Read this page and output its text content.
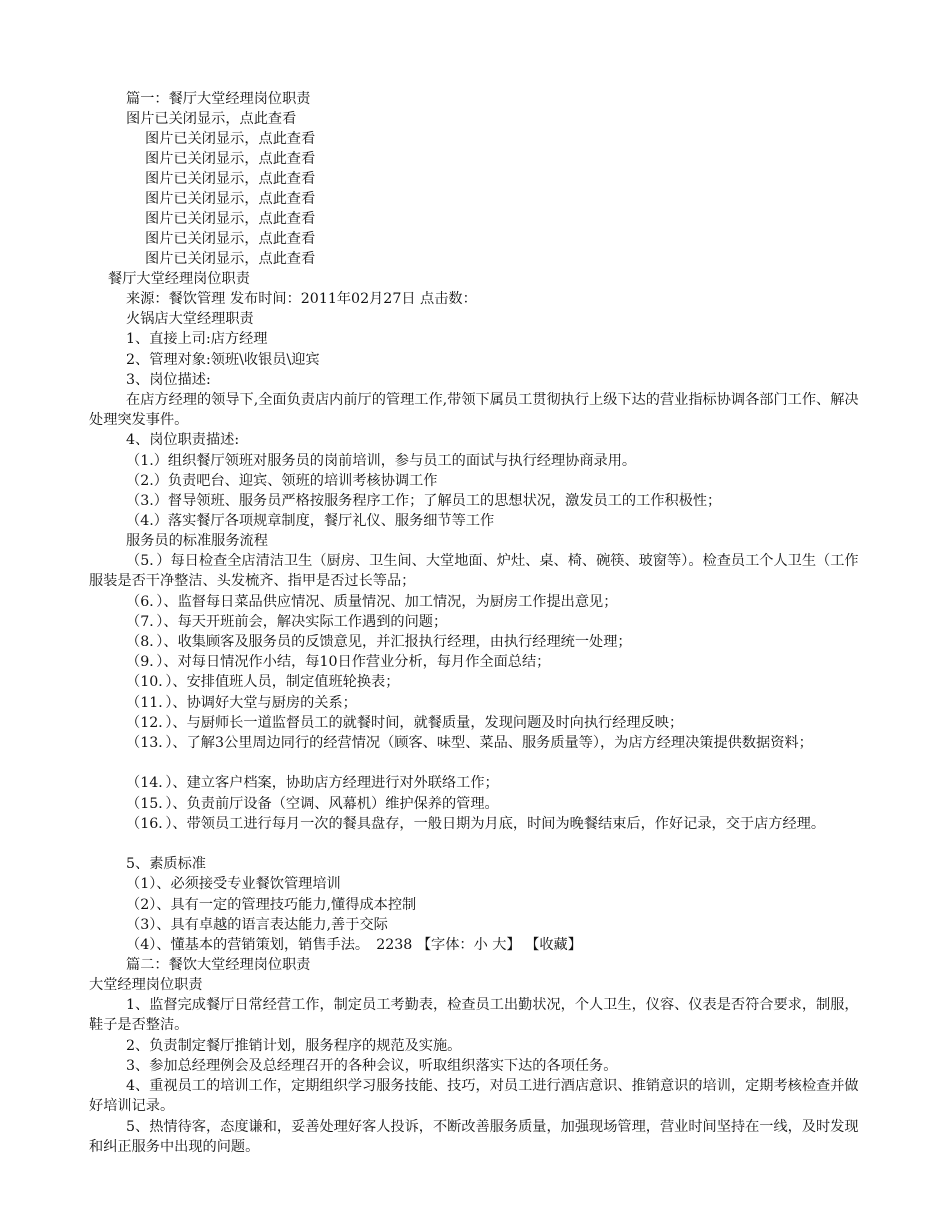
篇一：餐厅大堂经理岗位职责
图片已关闭显示，点此查看
图片已关闭显示，点此查看
图片已关闭显示，点此查看
图片已关闭显示，点此查看
图片已关闭显示，点此查看
图片已关闭显示，点此查看
图片已关闭显示，点此查看
图片已关闭显示，点此查看
餐厅大堂经理岗位职责
来源：餐饮管理 发布时间：2011年02月27日 点击数：
火锅店大堂经理职责
1、直接上司:店方经理
2、管理对象:领班\收银员\迎宾
3、岗位描述:
在店方经理的领导下,全面负责店内前厅的管理工作,带领下属员工贯彻执行上级下达的营业指标协调各部门工作、解决处理突发事件。
4、岗位职责描述:
（1.）组织餐厅领班对服务员的岗前培训，参与员工的面试与执行经理协商录用。
（2.）负责吧台、迎宾、领班的培训考核协调工作
（3.）督导领班、服务员严格按服务程序工作；了解员工的思想状况，激发员工的工作积极性；
（4.）落实餐厅各项规章制度，餐厅礼仪、服务细节等工作
服务员的标准服务流程
（5．）每日检查全店清洁卫生（厨房、卫生间、大堂地面、炉灶、桌、椅、碗筷、玻窗等）。检查员工个人卫生（工作服装是否干净整洁、头发梳齐、指甲是否过长等品；
（6．）、监督每日菜品供应情况、质量情况、加工情况，为厨房工作提出意见；
（7．）、每天开班前会，解决实际工作遇到的问题；
（8．）、收集顾客及服务员的反馈意见，并汇报执行经理，由执行经理统一处理；
（9．）、对每日情况作小结，每10日作营业分析，每月作全面总结；
（10．）、安排值班人员，制定值班轮换表；
（11．）、协调好大堂与厨房的关系；
（12．）、与厨师长一道监督员工的就餐时间，就餐质量，发现问题及时向执行经理反映；
（13．）、了解3公里周边同行的经营情况（顾客、味型、菜品、服务质量等），为店方经理决策提供数据资料；
（14．）、建立客户档案，协助店方经理进行对外联络工作；
（15．）、负责前厅设备（空调、风幕机）维护保养的管理。
（16．）、带领员工进行每月一次的餐具盘存，一般日期为月底，时间为晚餐结束后，作好记录，交于店方经理。
5、素质标准
（1）、必须接受专业餐饮管理培训
（2）、具有一定的管理技巧能力,懂得成本控制
（3）、具有卓越的语言表达能力,善于交际
（4）、懂基本的营销策划，销售手法。　2238 【字体：小 大】 【收藏】
篇二：餐饮大堂经理岗位职责
大堂经理岗位职责
1、监督完成餐厅日常经营工作，制定员工考勤表，检查员工出勤状况，个人卫生，仪容、仪表是否符合要求，制服，鞋子是否整洁。
2、负责制定餐厅推销计划，服务程序的规范及实施。
3、参加总经理例会及总经理召开的各种会议，听取组织落实下达的各项任务。
4、重视员工的培训工作，定期组织学习服务技能、技巧，对员工进行酒店意识、推销意识的培训，定期考核检查并做好培训记录。
5、热情待客，态度谦和，妥善处理好客人投诉，不断改善服务质量，加强现场管理，营业时间坚持在一线，及时发现和纠正服务中出现的问题。
